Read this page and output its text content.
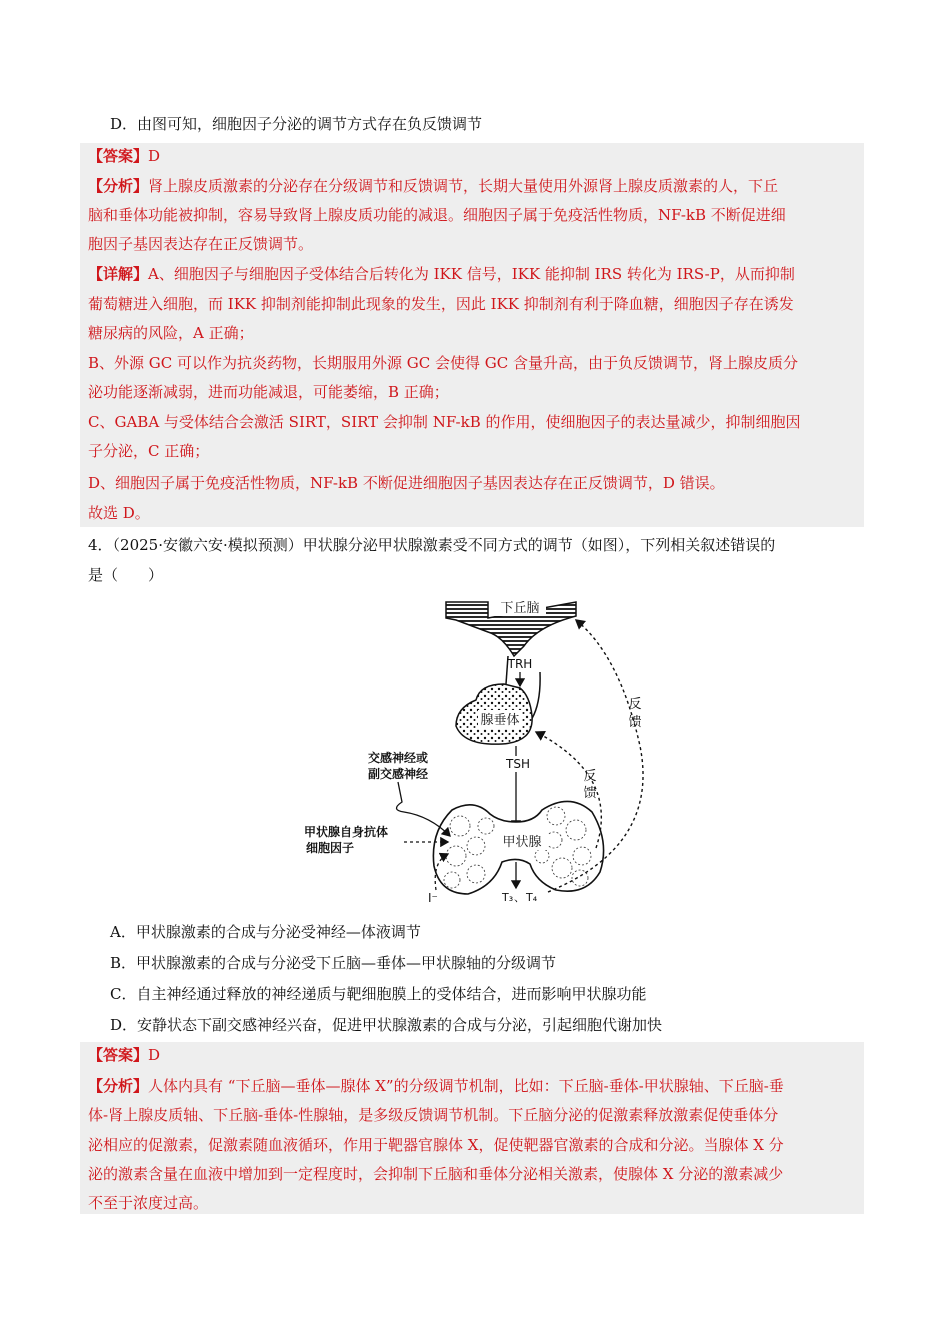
D．由图可知，细胞因子分泌的调节方式存在负反馈调节
【答案】D
【分析】肾上腺皮质激素的分泌存在分级调节和反馈调节，长期大量使用外源肾上腺皮质激素的人，下丘
脑和垂体功能被抑制，容易导致肾上腺皮质功能的减退。细胞因子属于免疫活性物质，NF-kB 不断促进细
胞因子基因表达存在正反馈调节。
【详解】A、细胞因子与细胞因子受体结合后转化为 IKK 信号，IKK 能抑制 IRS 转化为 IRS-P，从而抑制
葡萄糖进入细胞，而 IKK 抑制剂能抑制此现象的发生，因此 IKK 抑制剂有利于降血糖，细胞因子存在诱发
糖尿病的风险，A 正确；
B、外源 GC 可以作为抗炎药物，长期服用外源 GC 会使得 GC 含量升高，由于负反馈调节，肾上腺皮质分
泌功能逐渐减弱，进而功能减退，可能萎缩，B 正确；
C、GABA 与受体结合会激活 SIRT，SIRT 会抑制 NF-kB 的作用，使细胞因子的表达量减少，抑制细胞因
子分泌，C 正确；
D、细胞因子属于免疫活性物质，NF-kB 不断促进细胞因子基因表达存在正反馈调节，D 错误。
故选 D。
4．（2025·安徽六安·模拟预测）甲状腺分泌甲状腺激素受不同方式的调节（如图），下列相关叙述错误的
是（　　）
下丘脑
TRH
腺垂体
TSH
甲状腺
T₃ 、 T₄
反
馈
反
馈
交感神经或
副交感神经
甲状腺自身抗体
细胞因子
I⁻
A．甲状腺激素的合成与分泌受神经—体液调节
B．甲状腺激素的合成与分泌受下丘脑—垂体—甲状腺轴的分级调节
C．自主神经通过释放的神经递质与靶细胞膜上的受体结合，进而影响甲状腺功能
D．安静状态下副交感神经兴奋，促进甲状腺激素的合成与分泌，引起细胞代谢加快
【答案】D
【分析】人体内具有 “下丘脑—垂体—腺体 X”的分级调节机制，比如：下丘脑-垂体-甲状腺轴、下丘脑-垂
体-肾上腺皮质轴、下丘脑-垂体-性腺轴，是多级反馈调节机制。下丘脑分泌的促激素释放激素促使垂体分
泌相应的促激素，促激素随血液循环，作用于靶器官腺体 X，促使靶器官激素的合成和分泌。当腺体 X 分
泌的激素含量在血液中增加到一定程度时，会抑制下丘脑和垂体分泌相关激素，使腺体 X 分泌的激素减少
不至于浓度过高。
